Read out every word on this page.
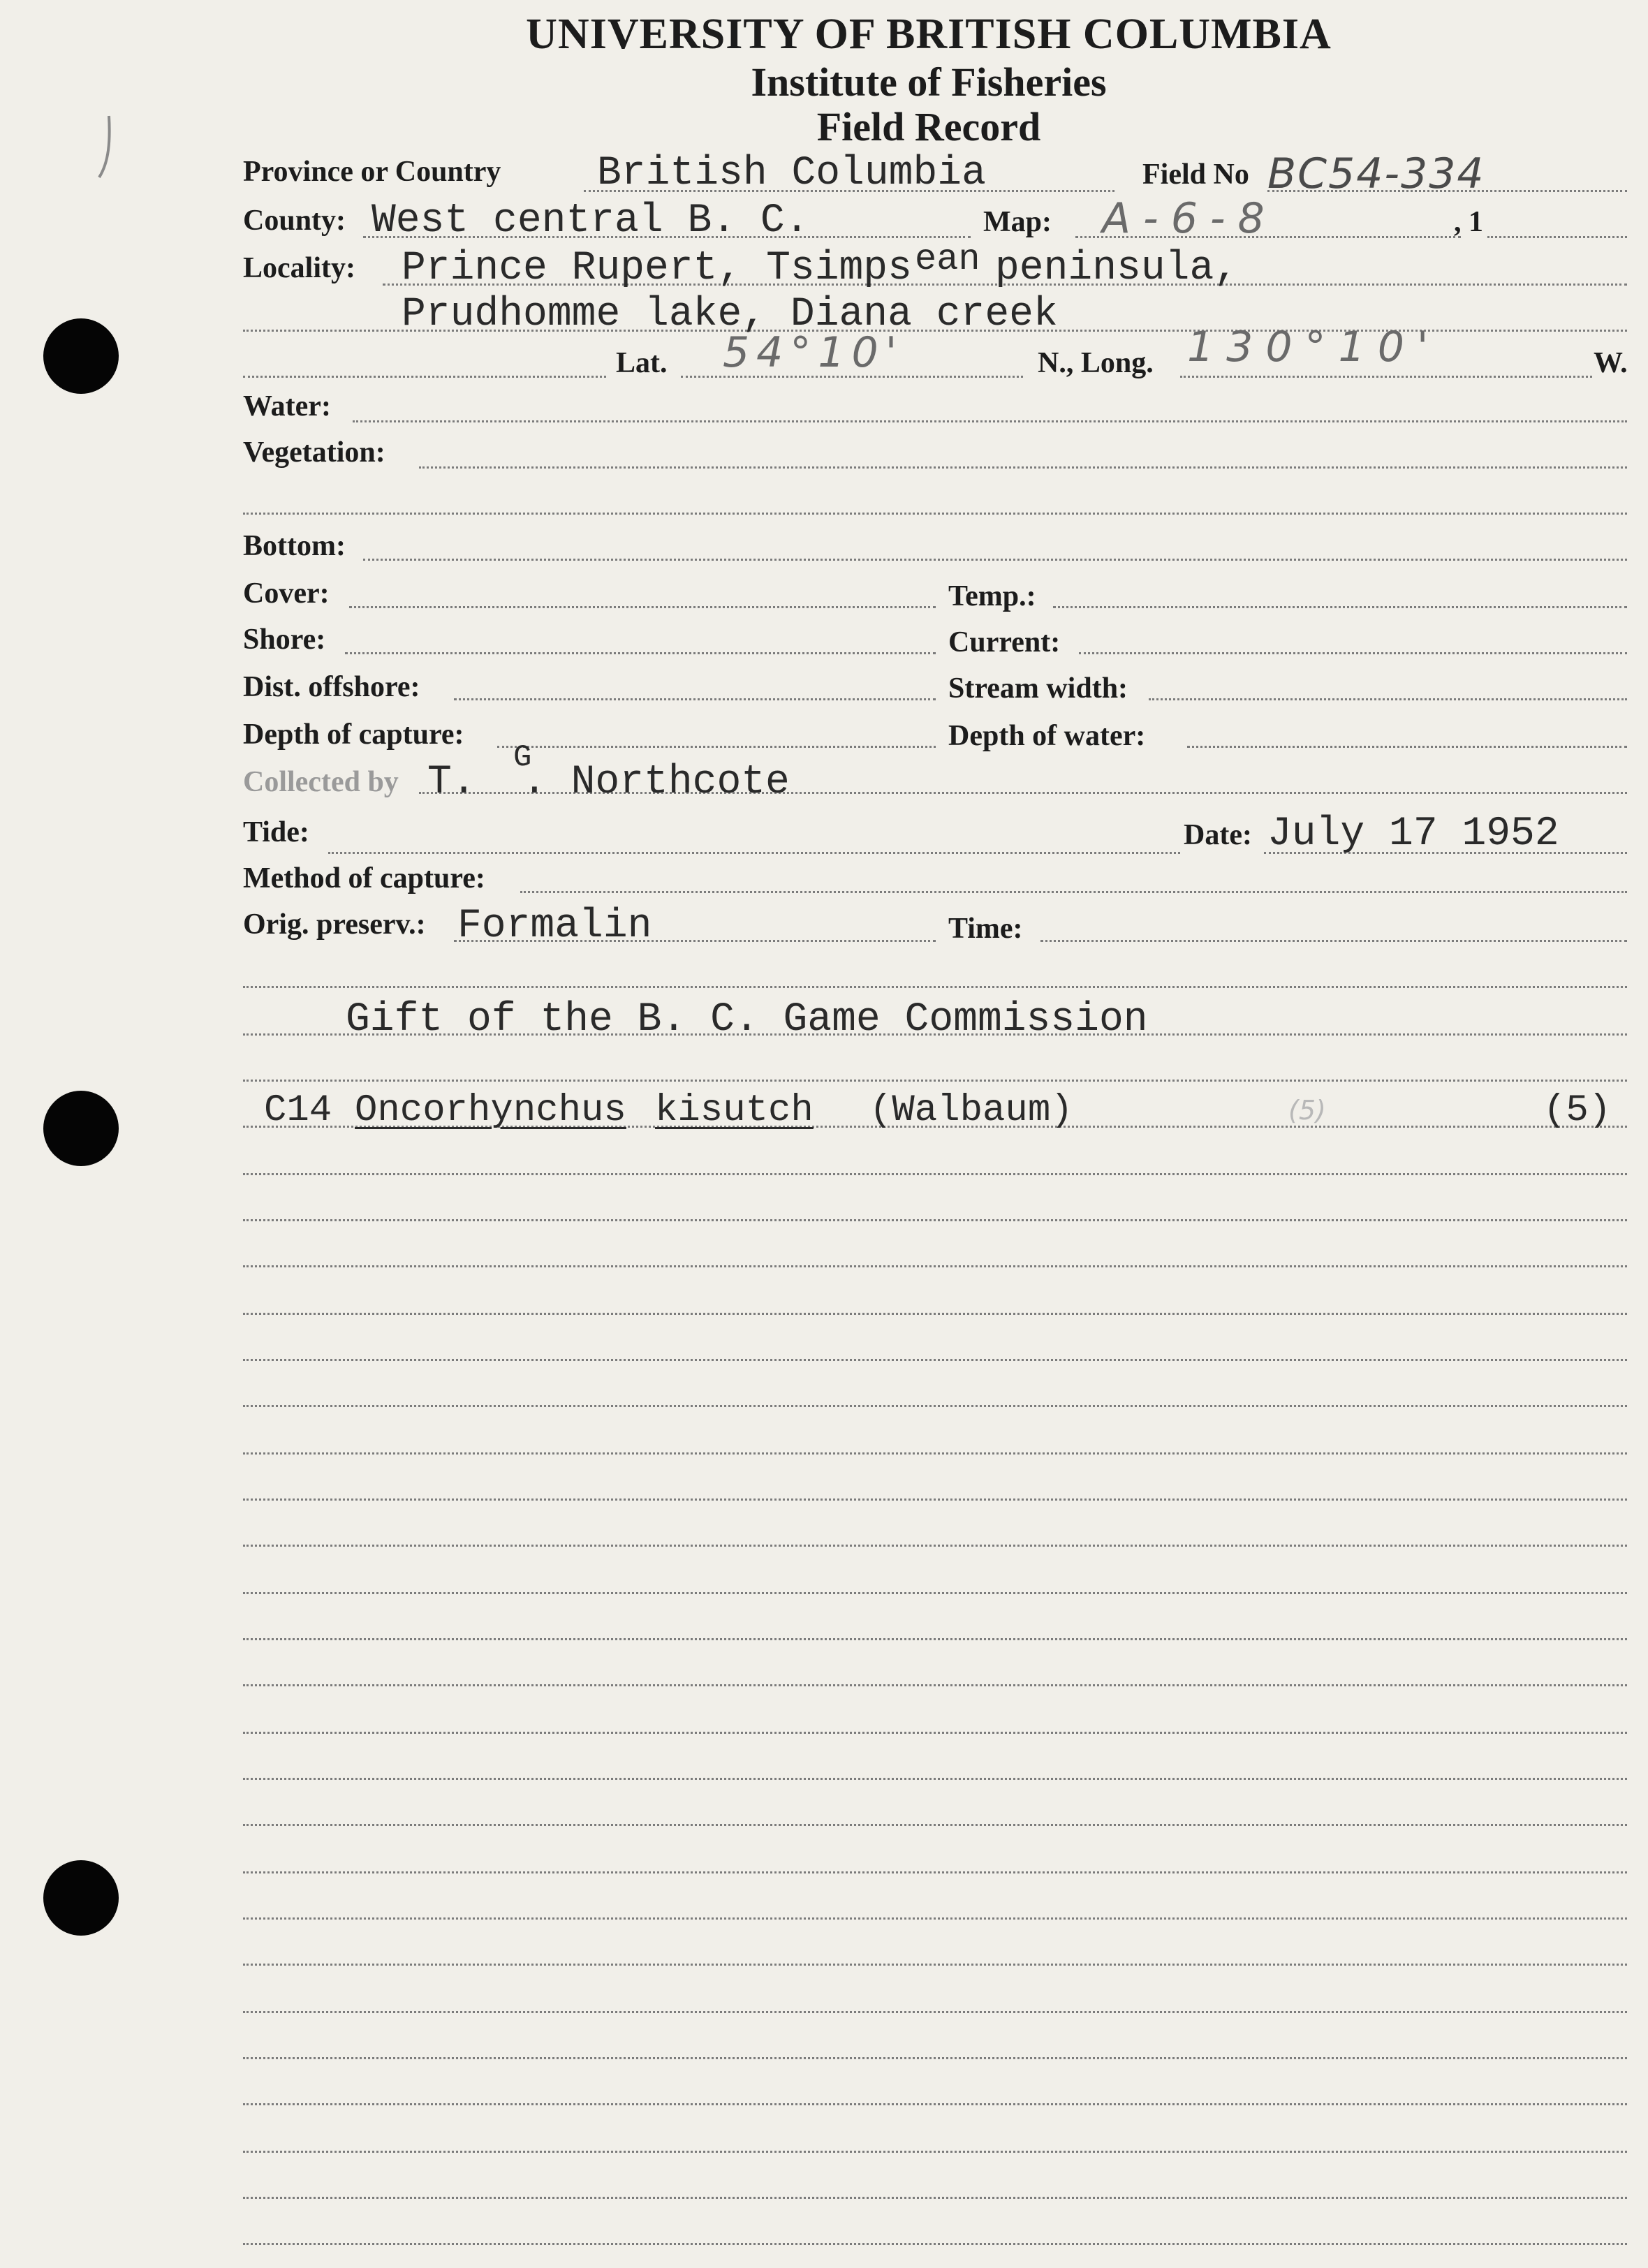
UNIVERSITY OF BRITISH COLUMBIA
Institute of Fisheries
Field Record
Province or Country British Columbia	Field No BC54-334
County: West central B. C.	Map: A-6-8	, 1
Locality: Prince Rupert, Tsimps ean peninsula,
Prudhomme lake, Diana creek
Lat. 54°10'	N., Long. 130°10'	W.
Water:
Vegetation:
Bottom:
Cover:	Temp.:
Shore:	Current:
Dist. offshore:	Stream width:
Depth of capture:	Depth of water:
Collected by T.
G
. Northcote
Tide:	Date: July 17 1952
Method of capture:
Orig. preserv.: Formalin	Time:
Gift of the B. C. Game Commission
C14 Oncorhynchus kisutch (Walbaum)	(5)	(5)
